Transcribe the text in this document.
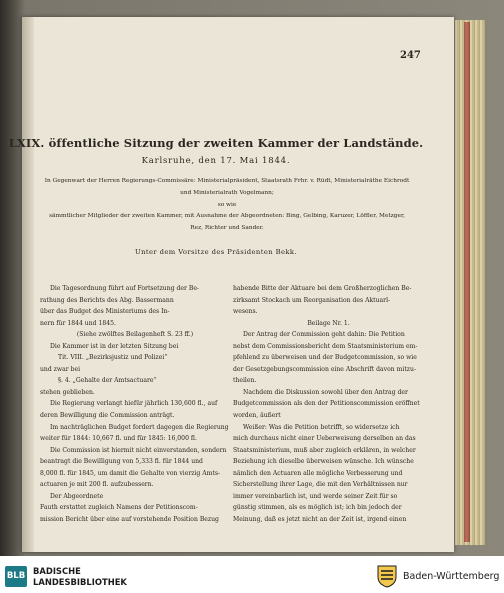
247
LXIX. öffentliche Sitzung der zweiten Kammer der Landstände.
Karlsruhe, den 17. Mai 1844.

In Gegenwart der Herren Regierungs-Commissäre: Ministerialpräsident, Staatsrath Frhr. v. Rüdt, Ministerialräthe Eichrodt

und Ministerialrath Vogelmann;

so wie

sämmtlicher Mitglieder der zweiten Kammer, mit Ausnahme der Abgeordneten: Bing, Gelbing, Karuzer, Löffler, Metzger,

Rez, Richter und Sander.

Unter dem Vorsitze des Präsidenten Bekk.

Die Tagesordnung führt auf Fortsetzung der Be-

rathung des Berichts des Abg. Bassermann

über das Budget des Ministeriums des In-

nern für 1844 und 1845.

(Siehe zwölftes Beilagenheft S. 23 ff.)

Die Kammer ist in der letzten Sitzung bei

Tit. VIII. „Bezirksjustiz und Polizei“

und zwar bei

§. 4. „Gehalte der Amtsactuare“

stehen geblieben.

Die Regierung verlangt hiefür jährlich 130,600 fl., auf

deren Bewilligung die Commission anträgt.

Im nachträglichen Budget fordert dagegen die Regierung

weiter für 1844: 10,667 fl. und für 1845: 16,000 fl.

Die Commission ist hiermit nicht einverstanden, sondern

beantragt die Bewilligung von 5,333 fl. für 1844 und

8,000 fl. für 1845, um damit die Gehalte von vierzig Amts-

actuaren je mit 200 fl. aufzubessern.

Der Abgeordnete

Fauth erstattet zugleich Namens der Petitionscom-

mission Bericht über eine auf vorstehende Position Bezug

habende Bitte der Aktuare bei dem Großherzoglichen Be-

zirksamt Stockach um Reorganisation des Aktuarl-

wesens.

Beilage Nr. 1.

Der Antrag der Commission geht dahin: Die Petition

nebst dem Commissionsbericht dem Staatsministerium em-

pfehlend zu überweisen und der Budgetcommission, so wie

der Gesetzgebungscommission eine Abschrift davon mitzu-

theilen.

Nachdem die Diskussion sowohl über den Antrag der

Budgetcommission als den der Petitionscommission eröffnet

worden, äußert

Weißer: Was die Petition betrifft, so widersetze ich

mich durchaus nicht einer Ueberweisung derselben an das

Staatsministerium, muß aber zugleich erklären, in welcher

Beziehung ich dieselbe überweisen wünsche. Ich wünsche

nämlich den Actuaren alle mögliche Verbesserung und

Sicherstellung ihrer Lage, die mit den Verhältnissen nur

immer vereinbarlich ist, und werde seiner Zeit für so

günstig stimmen, als es möglich ist; ich bin jedoch der

Meinung, daß es jetzt nicht an der Zeit ist, irgend einen

BLB BADISCHE
LANDESBIBLIOTHEK	Baden-Württemberg
